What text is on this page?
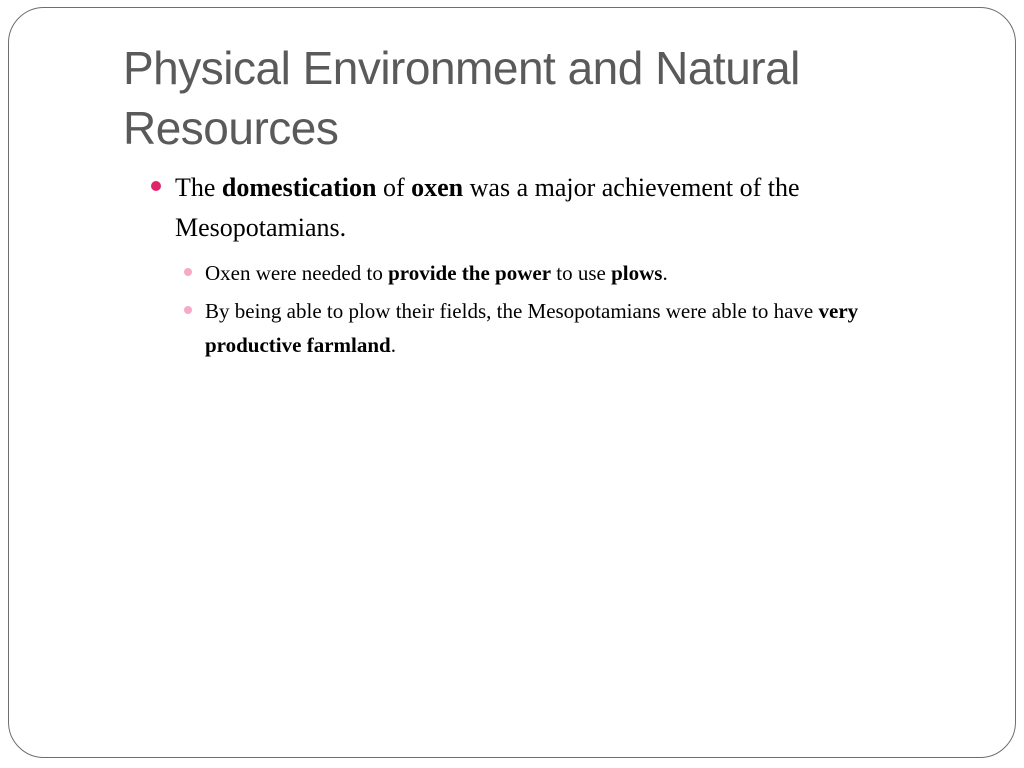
Physical Environment and Natural
Resources
The domestication of oxen was a major achievement of the Mesopotamians.
Oxen were needed to provide the power to use plows.
By being able to plow their fields, the Mesopotamians were able to have very productive farmland.
